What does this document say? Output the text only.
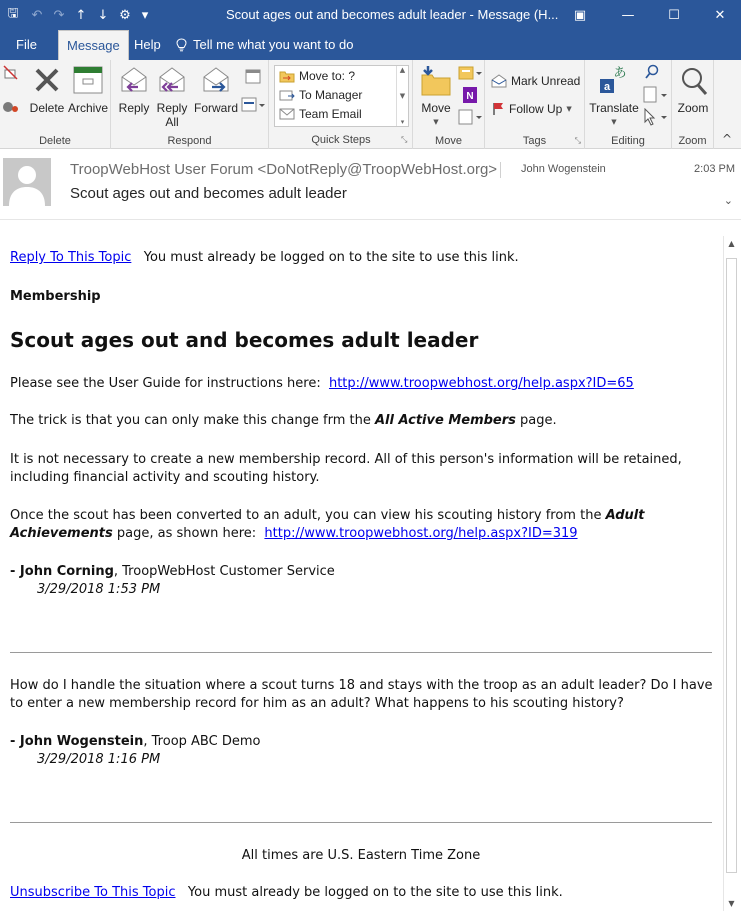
🖫	↶ ↷ ↑ ↓ ⚙ ▾	Scout ages out and becomes adult leader - Message (H...	▣	—	☐	✕
File	Message	Help	Tell me what you want to do
Delete Archive
Delete
Reply Reply
All
Forward
Respond
Move to: ?
To Manager
Team Email
▲
▼
▾
Quick Steps	⤡
Move
▼
N
Move
Mark Unread
Follow Up ▼
Tags	⤡
a
あ
Translate
▼
Editing
Zoom
Zoom	^
TroopWebHost User Forum <DoNotReply@TroopWebHost.org> John Wogenstein	2:03 PM
Scout ages out and becomes adult leader	⌄
▲
▼
Reply To This Topic You must already be logged on to the site to use this link.
Membership
Scout ages out and becomes adult leader
Please see the User Guide for instructions here: http://www.troopwebhost.org/help.aspx?ID=65
The trick is that you can only make this change frm the All Active Members page.
It is not necessary to create a new membership record. All of this person's information will be retained, including financial activity and scouting history.
Once the scout has been converted to an adult, you can view his scouting history from the Adult Achievements page, as shown here: http://www.troopwebhost.org/help.aspx?ID=319
- John Corning, TroopWebHost Customer Service
3/29/2018 1:53 PM
How do I handle the situation where a scout turns 18 and stays with the troop as an adult leader? Do I have to enter a new membership record for him as an adult? What happens to his scouting history?
- John Wogenstein, Troop ABC Demo
3/29/2018 1:16 PM
All times are U.S. Eastern Time Zone
Unsubscribe To This Topic You must already be logged on to the site to use this link.
